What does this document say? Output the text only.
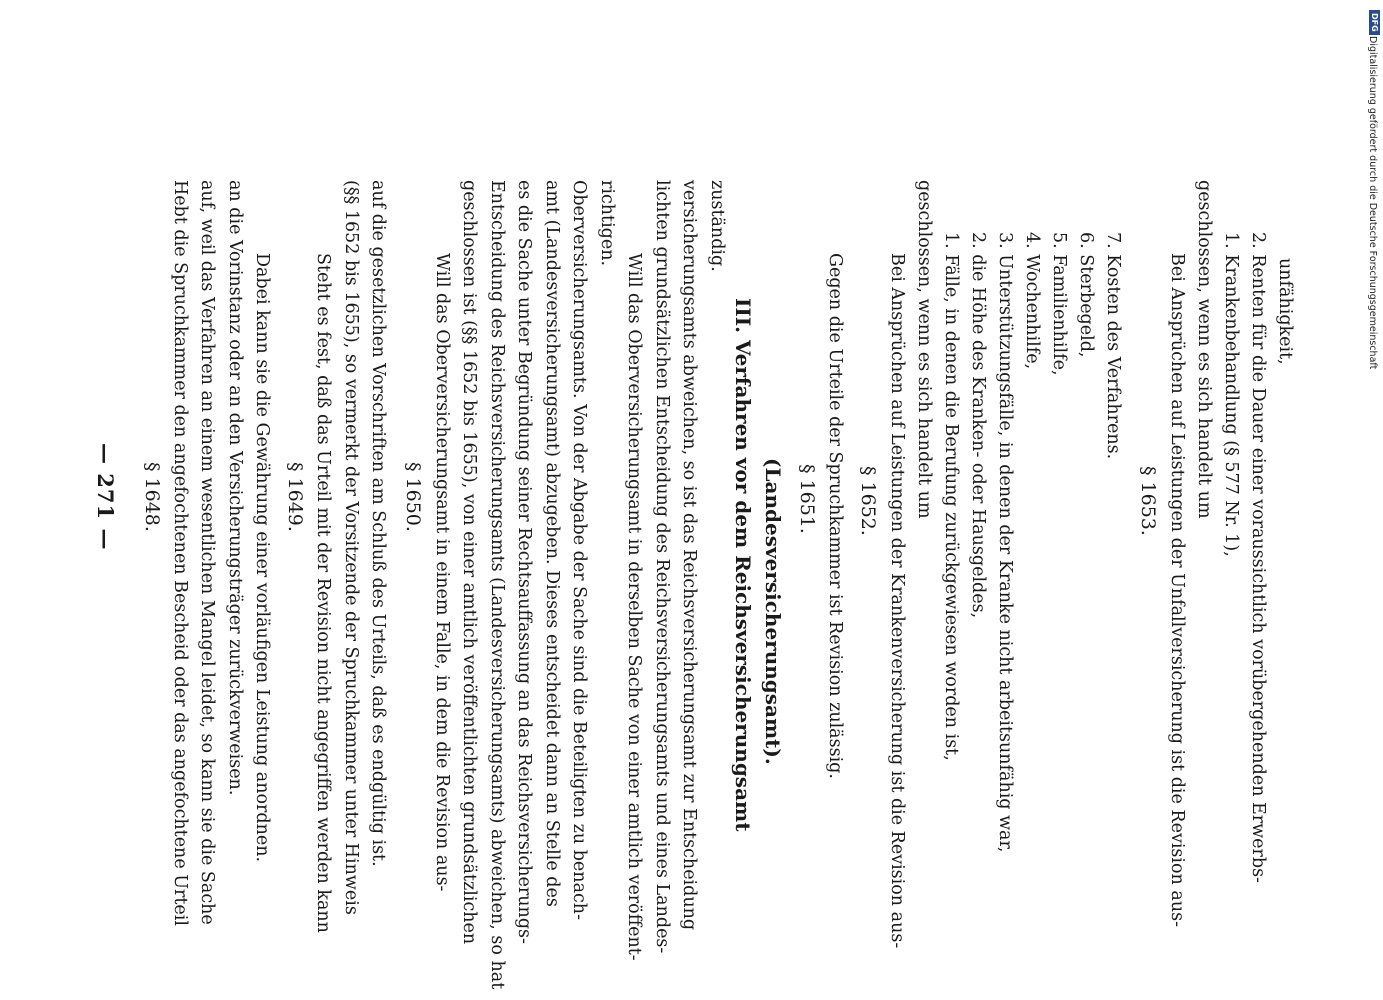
— 271 — § 1648. Hebt die Spruchkammer den angefochtenen Bescheid oder das angefochtene Urteil auf, weil das Verfahren an einem wesentlichen Mangel leidet, so kann sie die Sache an die Vorinstanz oder an den Versicherungsträger zurückverweisen. Dabei kann sie die Gewährung einer vorläufigen Leistung anordnen. § 1649. Steht es fest, daß das Urteil mit der Revision nicht angegriffen werden kann (§§ 1652 bis 1655), so vermerkt der Vorsitzende der Spruchkammer unter Hinweis auf die gesetzlichen Vorschriften am Schluß des Urteils, daß es endgültig ist. § 1650. Will das Oberversicherungsamt in einem Falle, in dem die Revision aus- geschlossen ist (§§ 1652 bis 1655), von einer amtlich veröffentlichten grundsätzlichen Entscheidung des Reichsversicherungsamts (Landesversicherungsamts) abweichen, so hat es die Sache unter Begründung seiner Rechtsauffassung an das Reichsversicherungs- amt (Landesversicherungsamt) abzugeben. Dieses entscheidet dann an Stelle des Oberversicherungsamts. Von der Abgabe der Sache sind die Beteiligten zu benach- richtigen.
Will das Oberversicherungsamt in derselben Sache von einer amtlich veröffent- lichten grundsätzlichen Entscheidung des Reichsversicherungsamts und eines Landes- versicherungsamts abweichen, so ist das Reichsversicherungsamt zur Entscheidung zuständig.
III. Verfahren vor dem Reichsversicherungsamt (Landesversicherungsamt). § 1651. Gegen die Urteile der Spruchkammer ist Revision zulässig. § 1652. Bei Ansprüchen auf Leistungen der Krankenversicherung ist die Revision aus- geschlossen, wenn es sich handelt um 1. Fälle, in denen die Berufung zurückgewiesen worden ist, 2. die Höhe des Kranken- oder Hausgeldes, 3. Unterstützungsfälle, in denen der Kranke nicht arbeitsunfähig war, 4. Wochenhilfe, 5. Familienhilfe, 6. Sterbegeld, 7. Kosten des Verfahrens.
§ 1653. Bei Ansprüchen auf Leistungen der Unfallversicherung ist die Revision aus- geschlossen, wenn es sich handelt um 1. Krankenbehandlung (§ 577 Nr. 1), 2. Renten für die Dauer einer voraussichtlich vorübergehenden Erwerbs- unfähigkeit,	Digitalisierung gefördert durch die Deutsche Forschungsgemeinschaft
DFG
